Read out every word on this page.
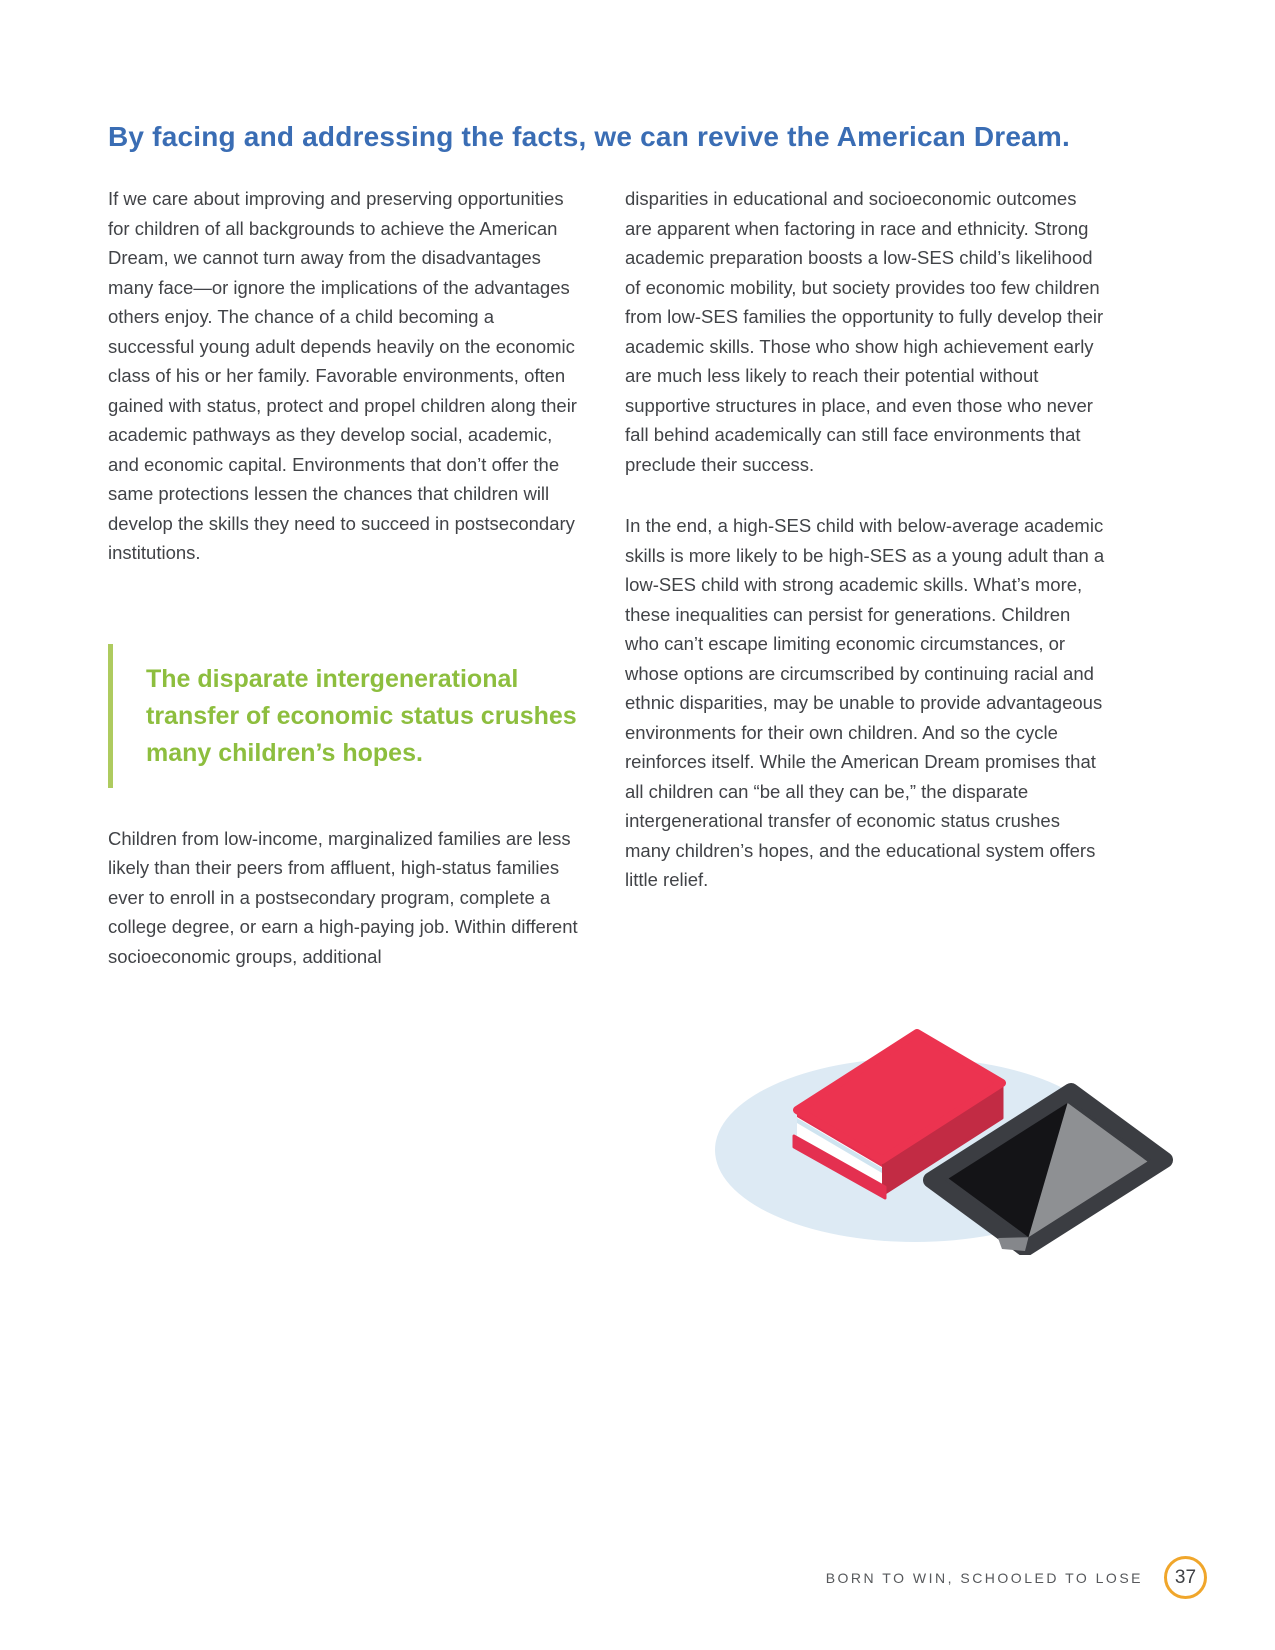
By facing and addressing the facts, we can revive the American Dream.

If we care about improving and preserving opportunities for children of all backgrounds to achieve the American Dream, we cannot turn away from the disadvantages many face—or ignore the implications of the advantages others enjoy. The chance of a child becoming a successful young adult depends heavily on the economic class of his or her family. Favorable environments, often gained with status, protect and propel children along their academic pathways as they develop social, academic, and economic capital. Environments that don’t offer the same protections lessen the chances that children will develop the skills they need to succeed in postsecondary institutions.

The disparate intergenerational transfer of economic status crushes many children’s hopes.

Children from low-income, marginalized families are less likely than their peers from affluent, high-status families ever to enroll in a postsecondary program, complete a college degree, or earn a high-paying job. Within different socioeconomic groups, additional

disparities in educational and socioeconomic outcomes are apparent when factoring in race and ethnicity. Strong academic preparation boosts a low-SES child’s likelihood of economic mobility, but society provides too few children from low-SES families the opportunity to fully develop their academic skills. Those who show high achievement early are much less likely to reach their potential without supportive structures in place, and even those who never fall behind academically can still face environments that preclude their success.

In the end, a high-SES child with below-average academic skills is more likely to be high-SES as a young adult than a low-SES child with strong academic skills. What’s more, these inequalities can persist for generations. Children who can’t escape limiting economic circumstances, or whose options are circumscribed by continuing racial and ethnic disparities, may be unable to provide advantageous environments for their own children. And so the cycle reinforces itself. While the American Dream promises that all children can “be all they can be,” the disparate intergenerational transfer of economic status crushes many children’s hopes, and the educational system offers little relief.

BORN TO WIN, SCHOOLED TO LOSE 37
